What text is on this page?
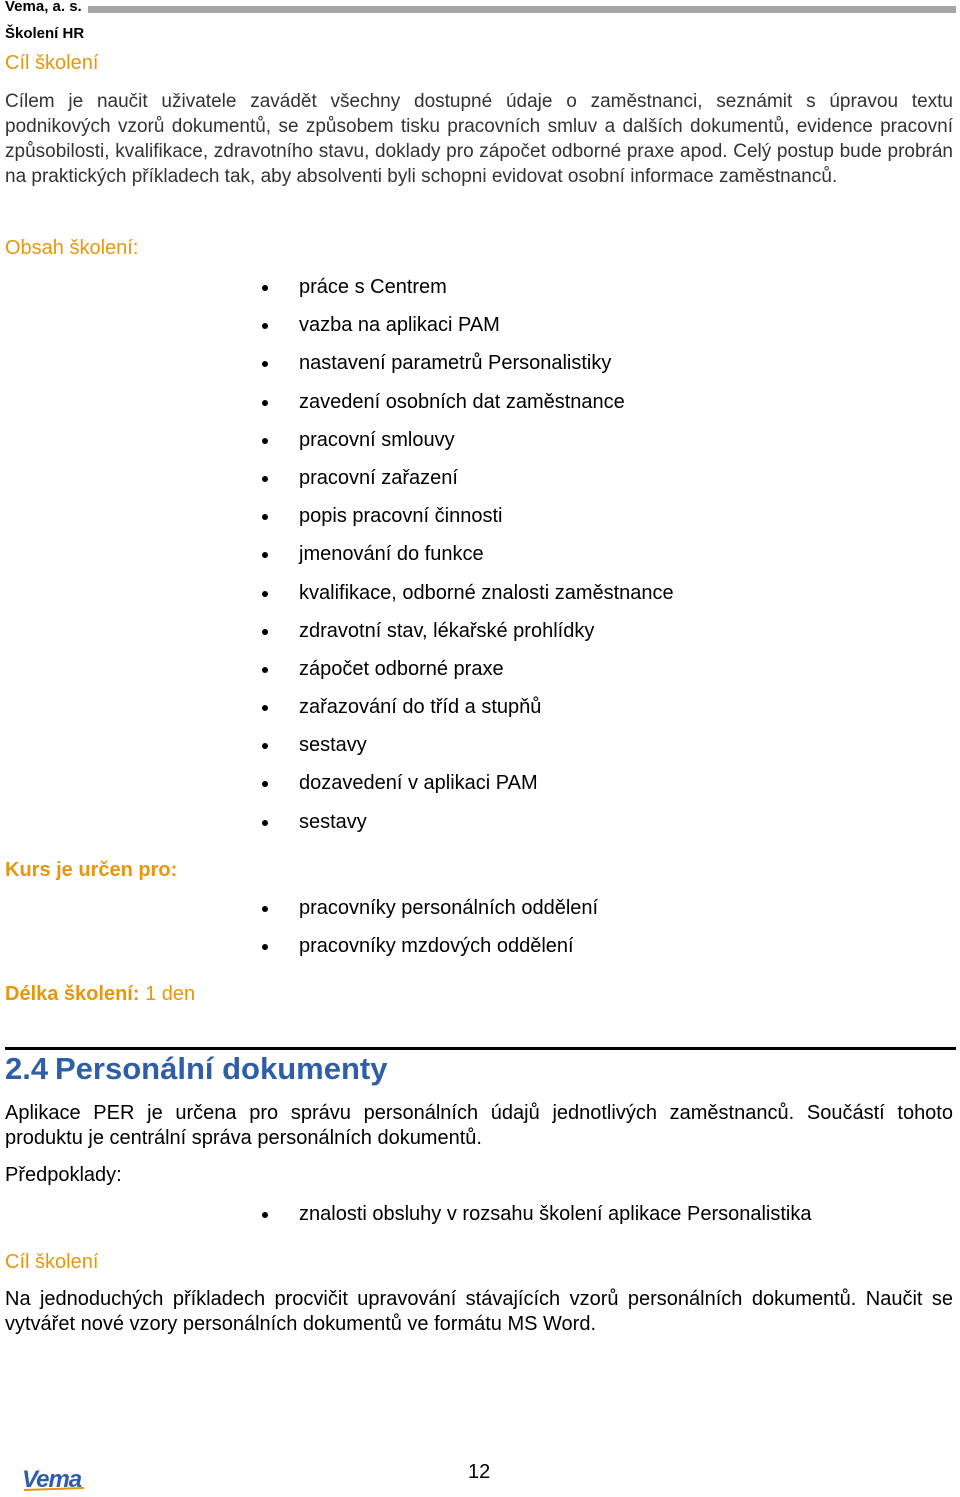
Vema, a. s.
Školení HR
Cíl školení
Cílem je naučit uživatele zavádět všechny dostupné údaje o zaměstnanci, seznámit s úpravou textu podnikových vzorů dokumentů, se způsobem tisku pracovních smluv a dalších dokumentů, evidence pracovní způsobilosti, kvalifikace, zdravotního stavu, doklady pro zápočet odborné praxe apod. Celý postup bude probrán na praktických příkladech tak, aby absolventi byli schopni evidovat osobní informace zaměstnanců.
Obsah školení:
práce s Centrem
vazba na aplikaci PAM
nastavení parametrů Personalistiky
zavedení osobních dat zaměstnance
pracovní smlouvy
pracovní zařazení
popis pracovní činnosti
jmenování do funkce
kvalifikace, odborné znalosti zaměstnance
zdravotní stav, lékařské prohlídky
zápočet odborné praxe
zařazování do tříd a stupňů
sestavy
dozavedení v aplikaci PAM
sestavy
Kurs je určen pro:
pracovníky personálních oddělení
pracovníky mzdových oddělení
Délka školení: 1 den
2.4 Personální dokumenty
Aplikace PER je určena pro správu personálních údajů jednotlivých zaměstnanců. Součástí tohoto produktu je centrální správa personálních dokumentů.
Předpoklady:
znalosti obsluhy v rozsahu školení aplikace Personalistika
Cíl školení
Na jednoduchých příkladech procvičit upravování stávajících vzorů personálních dokumentů. Naučit se vytvářet nové vzory personálních dokumentů ve formátu MS Word.
Vema	12
